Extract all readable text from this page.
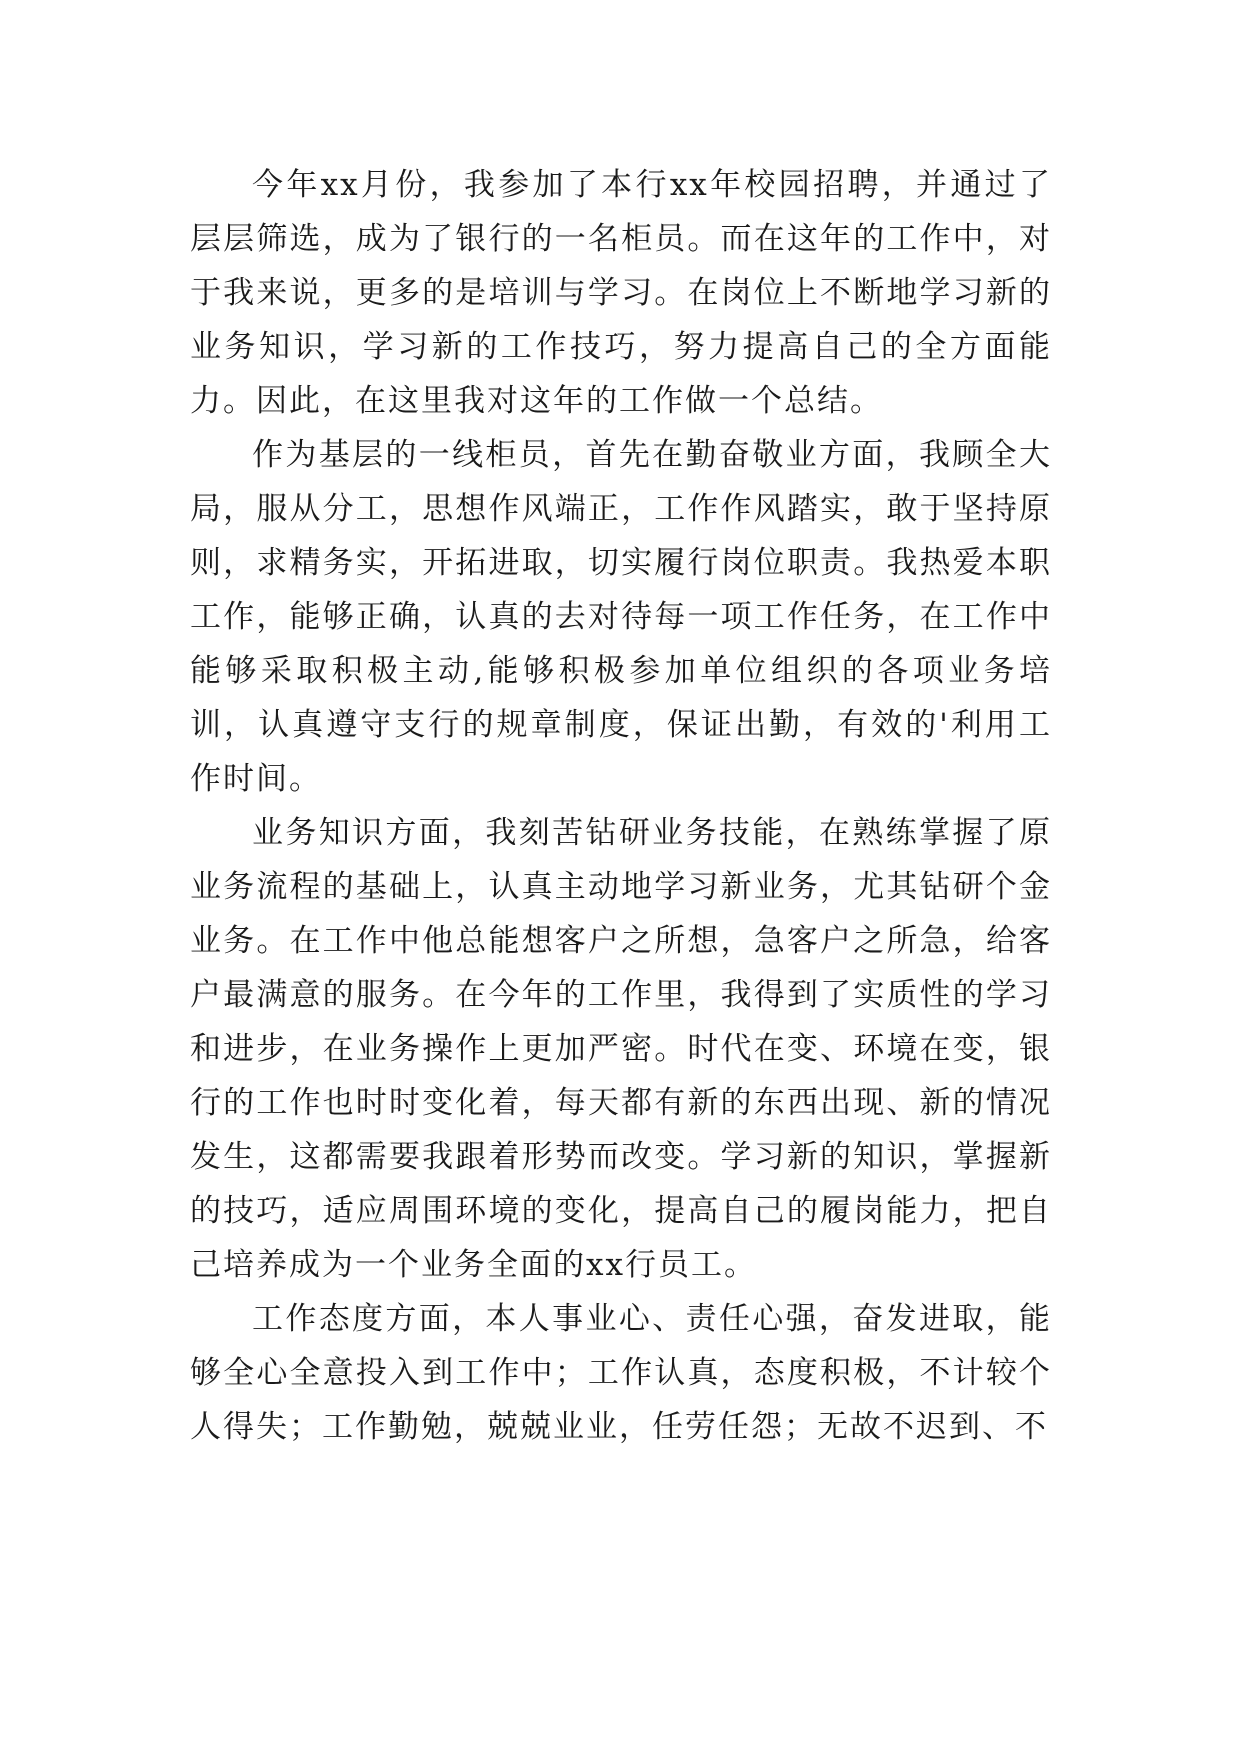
今年xx月份，我参加了本行xx年校园招聘，并通过了层层筛选，成为了银行的一名柜员。而在这年的工作中，对于我来说，更多的是培训与学习。在岗位上不断地学习新的业务知识，学习新的工作技巧，努力提高自己的全方面能力。因此，在这里我对这年的工作做一个总结。

作为基层的一线柜员，首先在勤奋敬业方面，我顾全大局，服从分工，思想作风端正，工作作风踏实，敢于坚持原则，求精务实，开拓进取，切实履行岗位职责。我热爱本职工作，能够正确，认真的去对待每一项工作任务，在工作中能够采取积极主动,能够积极参加单位组织的各项业务培训，认真遵守支行的规章制度，保证出勤，有效的'利用工作时间。

业务知识方面，我刻苦钻研业务技能，在熟练掌握了原业务流程的基础上，认真主动地学习新业务，尤其钻研个金业务。在工作中他总能想客户之所想，急客户之所急，给客户最满意的服务。在今年的工作里，我得到了实质性的学习和进步，在业务操作上更加严密。时代在变、环境在变，银行的工作也时时变化着，每天都有新的东西出现、新的情况发生，这都需要我跟着形势而改变。学习新的知识，掌握新的技巧，适应周围环境的变化，提高自己的履岗能力，把自己培养成为一个业务全面的xx行员工。

工作态度方面，本人事业心、责任心强，奋发进取，能够全心全意投入到工作中；工作认真，态度积极，不计较个人得失；工作勤勉，兢兢业业，任劳任怨；无故不迟到、不
